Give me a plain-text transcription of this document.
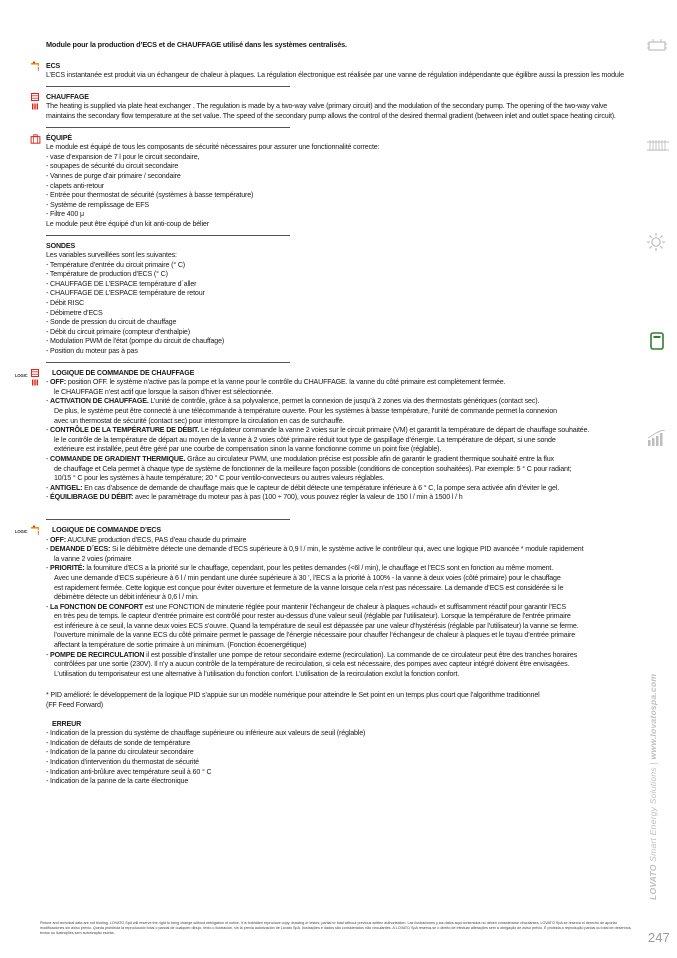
Module pour la production d’ECS et de CHAUFFAGE utilisé dans les systèmes centralisés.
ECS
L’ECS instantanée est produit via un échangeur de chaleur à plaques. La régulation électronique est réalisée par une vanne de régulation indépendante que égilibre aussi la pression les module
CHAUFFAGE
The heating is supplied via plate heat exchanger . The regulation is made by a two-way valve (primary circuit) and the modulation of the secondary pump. The opening of the two-way valve maintains the secondary flow temperature at the set value. The speed of the secondary pump allows the control of the desired thermal gradient (between inlet and outlet space heating circuit).
ÉQUIPÉ
Le module est équipé de tous les composants de sécurité nécessaires pour assurer une fonctionnalité correcte:
- vase d’expansion de 7 l pour le circuit secondaire,
- soupapes de sécurité du circuit secondaire
- Vannes de purge d’air primaire / secondaire
- clapets anti-retour
- Entrée pour thermostat de sécurité (systèmes à basse température)
- Système de remplissage de EFS
- Filtre 400 μ
Le module peut être équipé d’un kit anti-coup de bélier
SONDES
Les variables surveillées sont les suivantes:
- Température d’entrée du circuit primaire (° C)
- Température de production d’ECS (° C)
- CHAUFFAGE DE L’ESPACE température d´aller
- CHAUFFAGE DE L’ESPACE température de retour
- Débit RISC
- Débimetre d’ECS
- Sonde de pression du circuit de chauffage
- Débit du circuit primaire (compteur d’enthalpie)
- Modulation PWM de l’état (pompe du circuit de chauffage)
- Position du moteur pas à pas
LOGIC	LOGIQUE DE COMMANDE DE CHAUFFAGE
- OFF: position OFF. le système n’active pas la pompe et la vanne pour le contrôle du CHAUFFAGE. la vanne du côté primaire est complètement fermée.
le CHAUFFAGE n’est actif que lorsque la saison d’hiver est sélectionnée.
- ACTIVATION DE CHAUFFAGE. L’unité de contrôle, grâce à sa polyvalence, permet la connexion de jusqu’à 2 zones via des thermostats génériques (contact sec).
De plus, le système peut être connecté à une télécommande à température ouverte. Pour les systèmes à basse température, l’unité de commande permet la connexion
avec un thermostat de sécurité (contact sec) pour interrompre la circulation en cas de surchauffe.
- CONTRÔLE DE LA TEMPÉRATURE DE DÉBIT. Le régulateur commande la vanne 2 voies sur le circuit primaire (VM) et garantit la température de départ de chauffage souhaitée.
le le contrôle de la température de départ au moyen de la vanne à 2 voies côté primaire réduit tout type de gaspillage d’énergie. La température de départ, si une sonde
extérieure est installée, peut être géré par une courbe de compensation sinon la vanne fonctionne comme un point fixe (réglable).
- COMMANDE DE GRADIENT THERMIQUE. Grâce au circulateur PWM, une modulation précise est possible afin de garantir le gradient thermique souhaité entre la flux
de chauffage et Cela permet à chaque type de système de fonctionner de la meilleure façon possible (conditions de conception souhaitées). Par exemple: 5 ° C pour radiant;
10/15 ° C pour les systèmes à haute température; 20 ° C pour ventilo-convecteurs ou autres valeurs réglables.
- ANTIGEL: En cas d’absence de demande de chauffage mais que le capteur de débit détecte une température inférieure à 6 ° C, la pompe sera activée afin d’éviter le gel.
- ÉQUILIBRAGE DU DÉBIT: avec le paramètrage du moteur pas à pas (100 ÷ 700), vous pouvez régler la valeur de 150 l / min à 1500 l / h
LOGIC	LOGIQUE DE COMMANDE D’ECS
- OFF: AUCUNE production d’ECS, PAS d’eau chaude du primaire
- DEMANDE D´ECS: Si le débitmètre détecte une demande d’ECS supérieure à 0,9 l / min, le système active le contrôleur qui, avec une logique PID avancée * module rapidement
la vanne 2 voies (primaire
- PRIORITÉ: la fourniture d’ECS a la priorité sur le chauffage, cependant, pour les petites demandes (<6l / min), le chauffage et l’ECS sont en fonction au même moment.
Avec une demande d’ECS supérieure à 6 l / min pendant une durée supérieure à 30 ’, l’ECS a la priorité à 100% - la vanne à deux voies (côté primaire) pour le chauffage
est rapidement fermée. Cette logique est conçue pour éviter ouverture et fermeture de la vanne lorsque cela n’est pas nécessaire. La demande d’ECS est considérée si le
débimètre détecte un débit inférieur à 0,6 l / min.
- La FONCTION DE CONFORT est une FONCTION de minuterie réglée pour mantenir l’échangeur de chaleur à plaques «chaud» et suffisamment réactif pour garantir l’ECS
en très peu de temps. le capteur d’entrée primaire est contrôlé pour rester au-dessus d’une valeur seuil (réglable par l’utilisateur). Lorsque la température de l’entrée primaire
est inférieure à ce seuil, la vanne deux voies ECS s’ouvre. Quand la température de seuil est dépassée par une valeur d’hystérésis (réglable par l’utilisateur) la vanne se ferme.
l’ouverture minimale de la vanne ECS du côté primaire permet le passage de l’énergie nécessaire pour chauffer l’échangeur de chaleur à plaques et le tuyau d’entrée primaire
affectant la température de sortie primaire à un minimum. (Fonction écoenergétique)
- POMPE DE RECIRCULATION il est possible d’installer une pompe de retour secondaire externe (recirculation). La commande de ce circulateur peut être des tranches horaires
contrôlées par une sortie (230V). Il n’y a aucun contrôle de la température de recirculation, si cela est nécessaire, des pompes avec capteur intégré doivent être envisagées.
L’utilisation du temporisateur est une alternative à l’utilisation du fonction confort. L’utilisation de la recirculation exclut la fonction confort.
* PID amélioré: le développement de la logique PID s’appuie sur un modèle numérique pour atteindre le Set point en un temps plus court que l’algorithme traditionnel
(FF Feed Forward)
ERREUR
- Indication de la pression du système de chauffage supérieure ou inférieure aux valeurs de seuil (réglable)
- Indication de défauts de sonde de température
- Indication de la panne du circulateur secondaire
- Indication d’intervention du thermostat de sécurité
- Indication anti-brûlure avec température seuil à 60 ° C
- Indication de la panne de la carte électronique
LOVATO Smart Energy Solutions | www.lovatospa.com
247
Picture and technical data are not binding. LOVATO SpA will reserve the right to bring change without obbligation of notice. It is forbidden reproduce copy, drawing or testes, partial or total without previous written authorization. Las ilustraciones y los datos aqui contenidos no deben considerarse vinculantes. LOVATO SpA se reserva el derecho de aportar modificaciones sin aviso previo. Queda prohibida la reproducción total o parcial de cualquier dibujo, texto o ilustración, sin la previa autorización de Lovato SpA. Ilustrações e dados são considerados não vinculantes. A LOVATO SpA reserva-se o direito de efectuar alterações sem a obrigação de aviso prévio. É proibida a reprodução parcial ou total de desenhos, textos ou ilustrações sem autorização escrita.
